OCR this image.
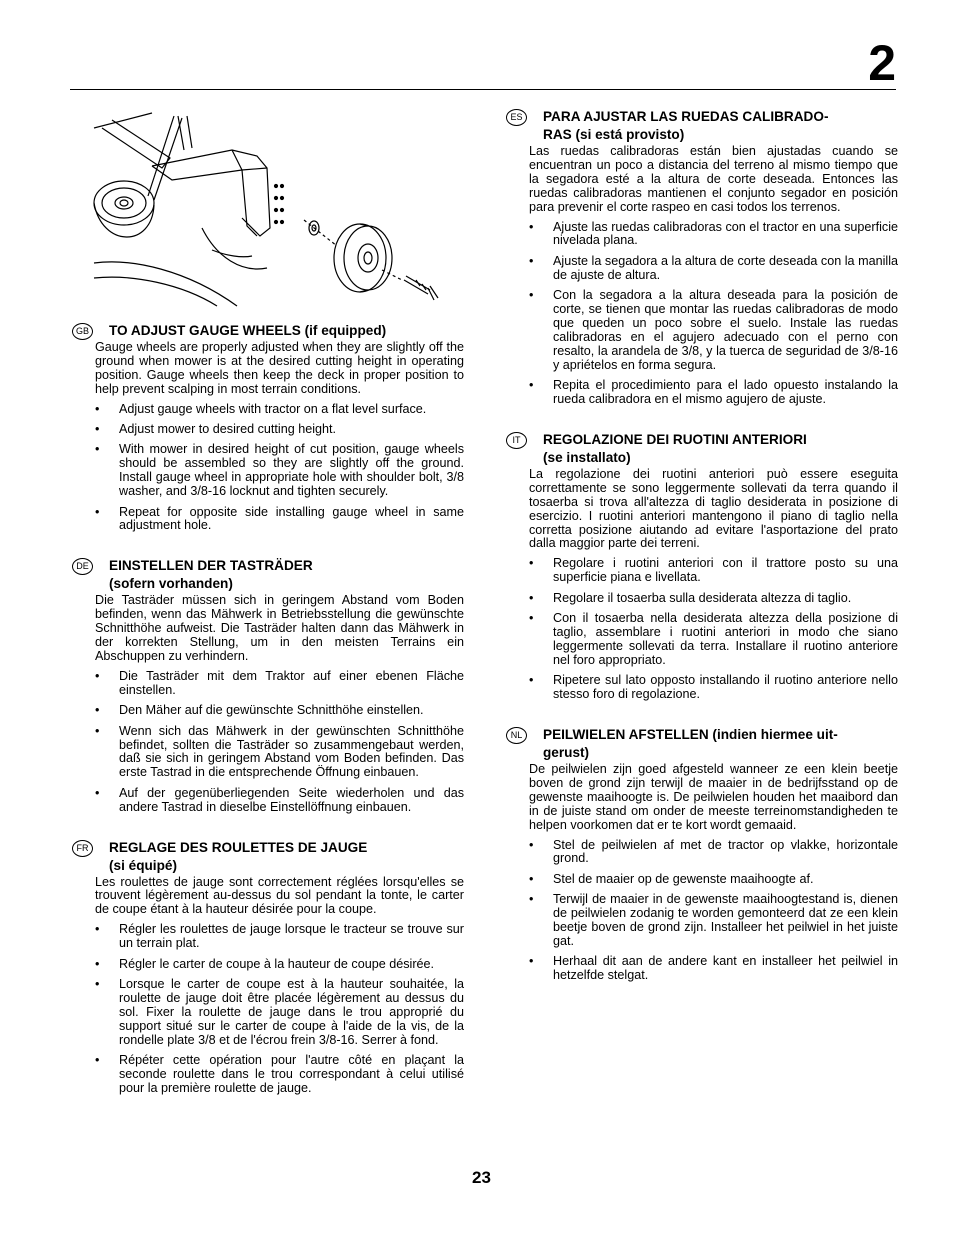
2
GB TO ADJUST GAUGE WHEELS (if equipped)

Gauge wheels are properly adjusted when they are slightly off the ground when mower is at the desired cutting height in operating position. Gauge wheels then keep the deck in proper position to help prevent scalping in most terrain conditions.

• Adjust gauge wheels with tractor on a flat level surface.
• Adjust mower to desired cutting height.
• With mower in desired height of cut position, gauge wheels should be assembled so they are slightly off the ground. Install gauge wheel in appropriate hole with shoulder bolt, 3/8 washer, and 3/8-16 locknut and tighten securely.
• Repeat for opposite side installing gauge wheel in same adjustment hole.
DE	EINSTELLEN DER TASTRÄDER
(sofern vorhanden)

Die Tasträder müssen sich in geringem Abstand vom Boden befinden, wenn das Mähwerk in Betriebsstellung die gewünschte Schnitthöhe aufweist. Die Tasträder halten dann das Mähwerk in der korrekten Stellung, um in den meisten Terrains ein Abschuppen zu verhindern.

• Die Tasträder mit dem Traktor auf einer ebenen Fläche einstellen.
• Den Mäher auf die gewünschte Schnitthöhe einstellen.
• Wenn sich das Mähwerk in der gewünschten Schnitthöhe befindet, sollten die Tasträder so zusammengebaut werden, daß sie sich in geringem Abstand vom Boden befinden. Das erste Tastrad in die entsprechende Öffnung einbauen.
• Auf der gegenüberliegenden Seite wiederholen und das andere Tastrad in dieselbe Einstellöffnung einbauen.
FR	REGLAGE DES ROULETTES DE JAUGE
(si équipé)

Les roulettes de jauge sont correctement réglées lorsqu'elles se trouvent légèrement au-dessus du sol pendant la tonte, le carter de coupe étant à la hauteur désirée pour la coupe.

• Régler les roulettes de jauge lorsque le tracteur se trouve sur un terrain plat.
• Régler le carter de coupe à la hauteur de coupe désirée.
• Lorsque le carter de coupe est à la hauteur souhaitée, la roulette de jauge doit être placée légèrement au dessus du sol. Fixer la roulette de jauge dans le trou approprié du support situé sur le carter de coupe à l'aide de la vis, de la rondelle plate 3/8 et de l'écrou frein 3/8-16. Serrer à fond.
• Répéter cette opération pour l'autre côté en plaçant la seconde roulette dans le trou correspondant à celui utilisé pour la première roulette de jauge.
ES	PARA AJUSTAR LAS RUEDAS CALIBRADO-
RAS (si está provisto)

Las ruedas calibradoras están bien ajustadas cuando se encuentran un poco a distancia del terreno al mismo tiempo que la segadora esté a la altura de corte deseada. Entonces las ruedas calibradoras mantienen el conjunto segador en posición para prevenir el corte raspeo en casi todos los terrenos.

• Ajuste las ruedas calibradoras con el tractor en una superficie nivelada plana.
• Ajuste la segadora a la altura de corte deseada con la manilla de ajuste de altura.
• Con la segadora a la altura deseada para la posición de corte, se tienen que montar las ruedas calibradoras de modo que queden un poco sobre el suelo. Instale las ruedas calibradoras en el agujero adecuado con el perno con resalto, la arandela de 3/8, y la tuerca de seguridad de 3/8-16 y apriételos en forma segura.
• Repita el procedimiento para el lado opuesto instalando la rueda calibradora en el mismo agujero de ajuste.
IT	REGOLAZIONE DEI RUOTINI ANTERIORI
(se installato)

La regolazione dei ruotini anteriori può essere eseguita correttamente se sono leggermente sollevati da terra quando il tosaerba si trova all'altezza di taglio desiderata in posizione di esercizio. I ruotini anteriori mantengono il piano di taglio nella corretta posizione aiutando ad evitare l'asportazione del prato dalla maggior parte dei terreni.

• Regolare i ruotini anteriori con il trattore posto su una superficie piana e livellata.
• Regolare il tosaerba sulla desiderata altezza di taglio.
• Con il tosaerba nella desiderata altezza della posizione di taglio, assemblare i ruotini anteriori in modo che siano leggermente sollevati da terra. Installare il ruotino anteriore nel foro appropriato.
• Ripetere sul lato opposto installando il ruotino anteriore nello stesso foro di regolazione.
NL	PEILWIELEN AFSTELLEN (indien hiermee uit-
gerust)

De peilwielen zijn goed afgesteld wanneer ze een klein beetje boven de grond zijn terwijl de maaier in de bedrijfsstand op de gewenste maaihoogte is. De peilwielen houden het maaibord dan in de juiste stand om onder de meeste terreinomstandigheden te helpen voorkomen dat er te kort wordt gemaaid.

• Stel de peilwielen af met de tractor op vlakke, horizontale grond.
• Stel de maaier op de gewenste maaihoogte af.
• Terwijl de maaier in de gewenste maaihoogtestand is, dienen de peilwielen zodanig te worden gemonteerd dat ze een klein beetje boven de grond zijn. Installeer het peilwiel in het juiste gat.
• Herhaal dit aan de andere kant en installeer het peilwiel in hetzelfde stelgat.
23
